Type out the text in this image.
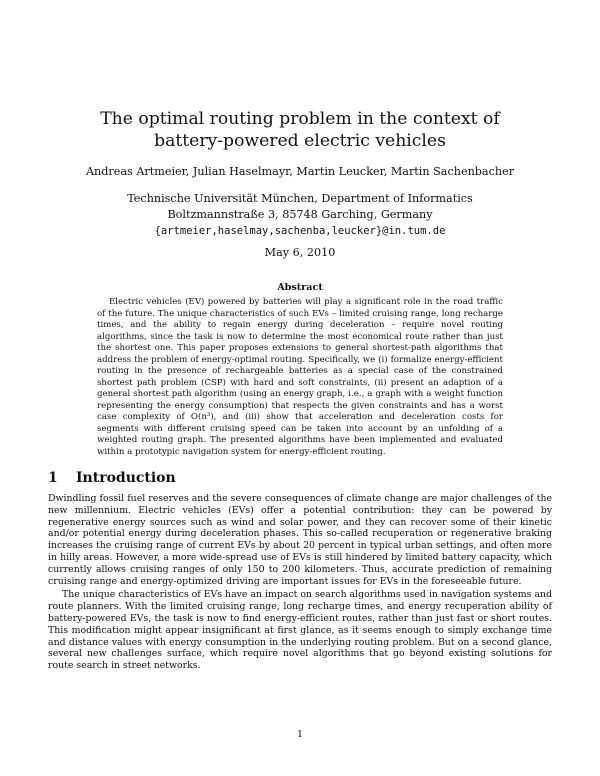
The optimal routing problem in the context of battery-powered electric vehicles
Andreas Artmeier, Julian Haselmayr, Martin Leucker, Martin Sachenbacher
Technische Universität München, Department of Informatics
Boltzmannstraße 3, 85748 Garching, Germany
{artmeier,haselmay,sachenba,leucker}@in.tum.de
May 6, 2010
Abstract
Electric vehicles (EV) powered by batteries will play a significant role in the road traffic of the future. The unique characteristics of such EVs – limited cruising range, long recharge times, and the ability to regain energy during deceleration – require novel routing algorithms, since the task is now to determine the most economical route rather than just the shortest one. This paper proposes extensions to general shortest-path algorithms that address the problem of energy-optimal routing. Specifically, we (i) formalize energy-efficient routing in the presence of rechargeable batteries as a special case of the constrained shortest path problem (CSP) with hard and soft constraints, (ii) present an adaption of a general shortest path algorithm (using an energy graph, i.e., a graph with a weight function representing the energy consumption) that respects the given constraints and has a worst case complexity of O(n³), and (iii) show that acceleration and deceleration costs for segments with different cruising speed can be taken into account by an unfolding of a weighted routing graph. The presented algorithms have been implemented and evaluated within a prototypic navigation system for energy-efficient routing.
1 Introduction

Dwindling fossil fuel reserves and the severe consequences of climate change are major challenges of the new millennium. Electric vehicles (EVs) offer a potential contribution: they can be powered by regenerative energy sources such as wind and solar power, and they can recover some of their kinetic and/or potential energy during deceleration phases. This so-called recuperation or regenerative braking increases the cruising range of current EVs by about 20 percent in typical urban settings, and often more in hilly areas. However, a more wide-spread use of EVs is still hindered by limited battery capacity, which currently allows cruising ranges of only 150 to 200 kilometers. Thus, accurate prediction of remaining cruising range and energy-optimized driving are important issues for EVs in the foreseeable future.

The unique characteristics of EVs have an impact on search algorithms used in navigation systems and route planners. With the limited cruising range, long recharge times, and energy recuperation ability of battery-powered EVs, the task is now to find energy-efficient routes, rather than just fast or short routes. This modification might appear insignificant at first glance, as it seems enough to simply exchange time and distance values with energy consumption in the underlying routing problem. But on a second glance, several new challenges surface, which require novel algorithms that go beyond existing solutions for route search in street networks.

1
